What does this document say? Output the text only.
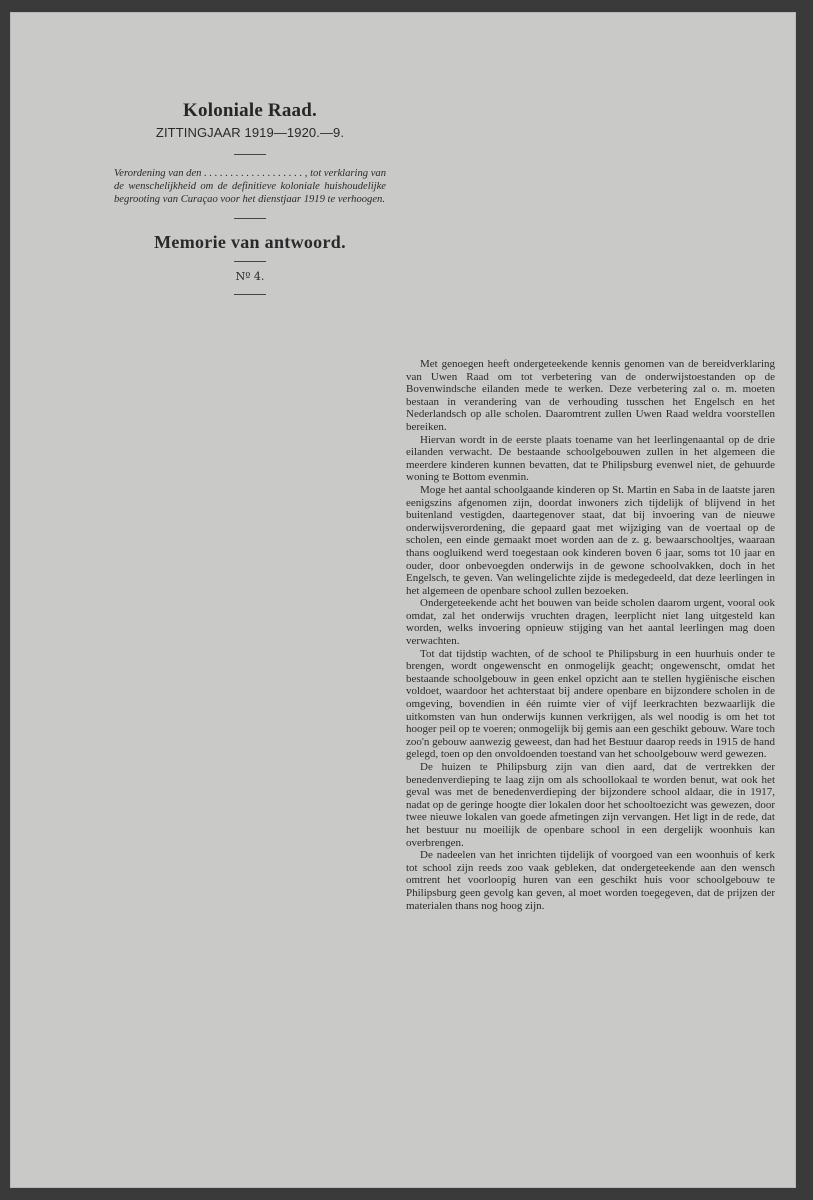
Koloniale Raad.
ZITTINGJAAR 1919—1920.—9.
Verordening van den . . . . . . . . . . . . . . . . . . . , tot verklaring van de wenschelijkheid om de definitieve koloniale huishoudelijke begrooting van Curaçao voor het dienstjaar 1919 te verhoogen.
Memorie van antwoord.
Nº 4.

Met genoegen heeft ondergeteekende kennis genomen van de bereidverklaring van Uwen Raad om tot verbetering van de onderwijstoestanden op de Bovenwindsche eilanden mede te werken. Deze verbetering zal o. m. moeten bestaan in verandering van de verhouding tusschen het Engelsch en het Nederlandsch op alle scholen. Daaromtrent zullen Uwen Raad weldra voorstellen bereiken.

Hiervan wordt in de eerste plaats toename van het leerlingenaantal op de drie eilanden verwacht. De bestaande schoolgebouwen zullen in het algemeen die meerdere kinderen kunnen bevatten, dat te Philipsburg evenwel niet, de gehuurde woning te Bottom evenmin.

Moge het aantal schoolgaande kinderen op St. Martin en Saba in de laatste jaren eenigszins afgenomen zijn, doordat inwoners zich tijdelijk of blijvend in het buitenland vestigden, daartegenover staat, dat bij invoering van de nieuwe onderwijsverordening, die gepaard gaat met wijziging van de voertaal op de scholen, een einde gemaakt moet worden aan de z. g. bewaarschooltjes, waaraan thans oogluikend werd toegestaan ook kinderen boven 6 jaar, soms tot 10 jaar en ouder, door onbevoegden onderwijs in de gewone schoolvakken, doch in het Engelsch, te geven. Van welingelichte zijde is medegedeeld, dat deze leerlingen in het algemeen de openbare school zullen bezoeken.

Ondergeteekende acht het bouwen van beide scholen daarom urgent, vooral ook omdat, zal het onderwijs vruchten dragen, leerplicht niet lang uitgesteld kan worden, welks invoering opnieuw stijging van het aantal leerlingen mag doen verwachten.

Tot dat tijdstip wachten, of de school te Philipsburg in een huurhuis onder te brengen, wordt ongewenscht en onmogelijk geacht; ongewenscht, omdat het bestaande schoolgebouw in geen enkel opzicht aan te stellen hygiënische eischen voldoet, waardoor het achterstaat bij andere openbare en bijzondere scholen in de omgeving, bovendien in één ruimte vier of vijf leerkrachten bezwaarlijk die uitkomsten van hun onderwijs kunnen verkrijgen, als wel noodig is om het tot hooger peil op te voeren; onmogelijk bij gemis aan een geschikt gebouw. Ware toch zoo'n gebouw aanwezig geweest, dan had het Bestuur daarop reeds in 1915 de hand gelegd, toen op den onvoldoenden toestand van het schoolgebouw werd gewezen.

De huizen te Philipsburg zijn van dien aard, dat de vertrekken der benedenverdieping te laag zijn om als schoollokaal te worden benut, wat ook het geval was met de benedenverdieping der bijzondere school aldaar, die in 1917, nadat op de geringe hoogte dier lokalen door het schooltoezicht was gewezen, door twee nieuwe lokalen van goede afmetingen zijn vervangen. Het ligt in de rede, dat het bestuur nu moeilijk de openbare school in een dergelijk woonhuis kan overbrengen.

De nadeelen van het inrichten tijdelijk of voorgoed van een woonhuis of kerk tot school zijn reeds zoo vaak gebleken, dat ondergeteekende aan den wensch omtrent het voorloopig huren van een geschikt huis voor schoolgebouw te Philipsburg geen gevolg kan geven, al moet worden toegegeven, dat de prijzen der materialen thans nog hoog zijn.
